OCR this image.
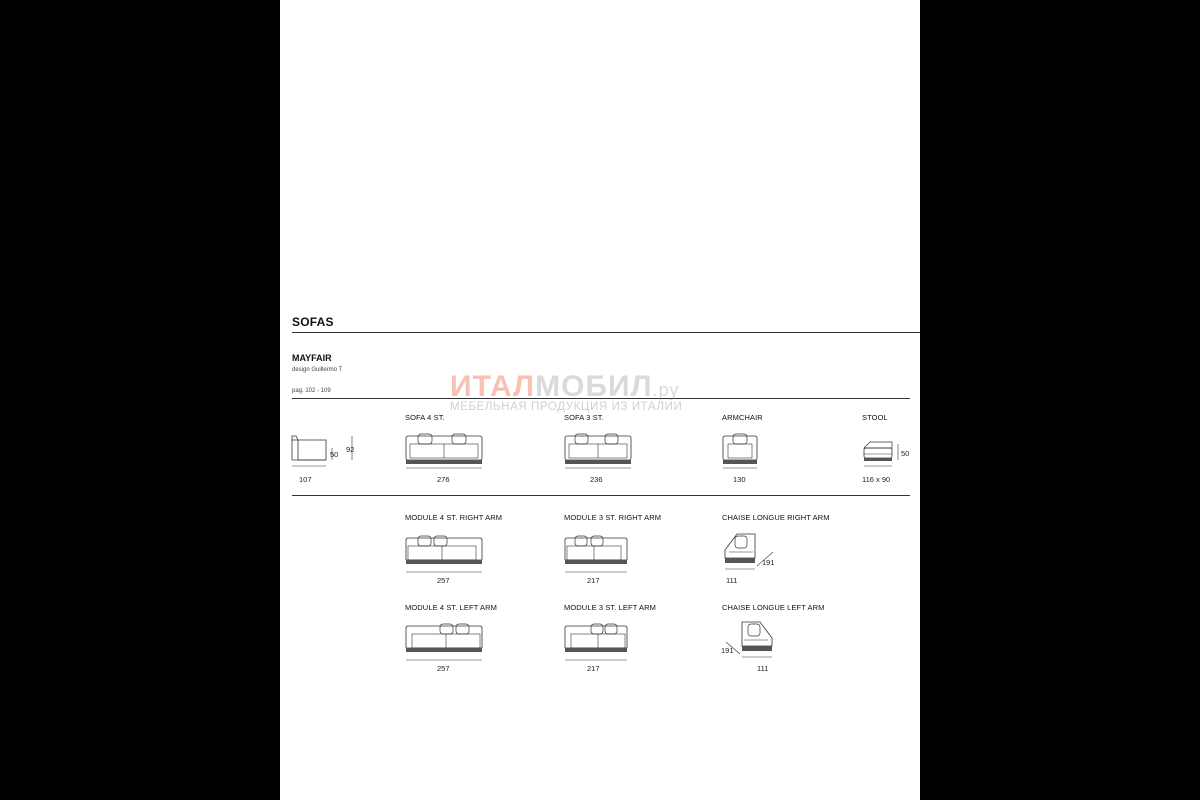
SOFAS
MAYFAIR
design Guillermo T
pag. 102 - 109
50
92
107
SOFA 4 ST.
276
SOFA 3 ST.
236
ARMCHAIR
130
STOOL
50
116 x 90
MODULE 4 ST. RIGHT ARM
257
MODULE 3 ST. RIGHT ARM
217
CHAISE LONGUE RIGHT ARM
191
111
MODULE 4 ST. LEFT ARM
257
MODULE 3 ST. LEFT ARM
217
CHAISE LONGUE LEFT ARM
191
111
ИТАЛМОБИЛ.ру
МЕБЕЛЬНАЯ ПРОДУКЦИЯ ИЗ ИТАЛИИ
